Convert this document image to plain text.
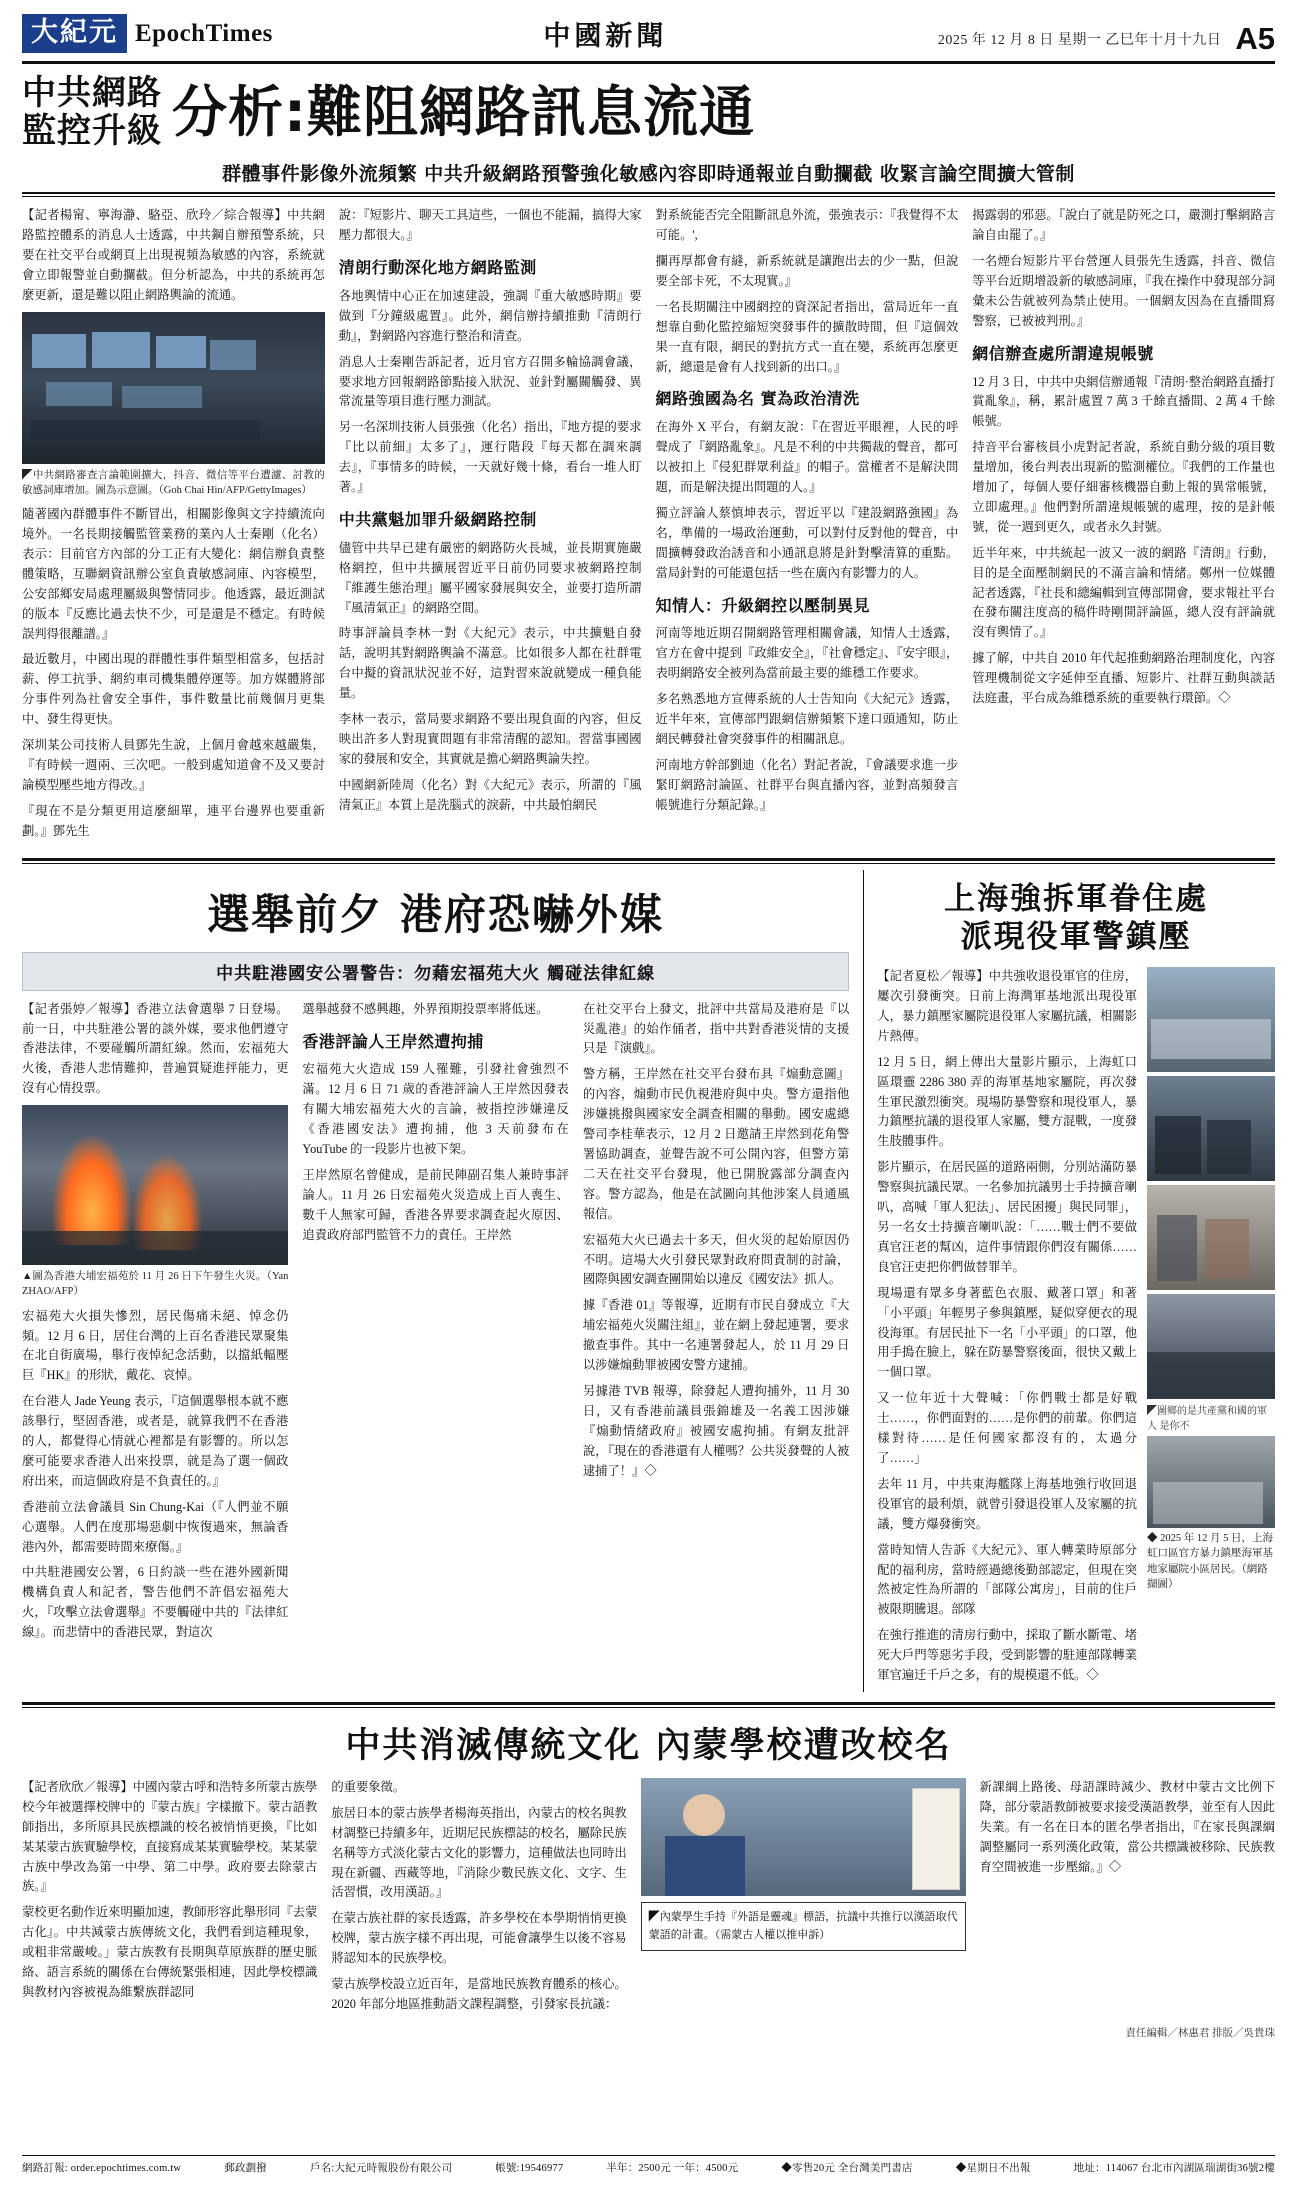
大紀元 EpochTimes	中國新聞	2025 年 12 月 8 日 星期一 乙巳年十月十九日 A5
中共網路
監控升級 分析:難阻網路訊息流通
群體事件影像外流頻繁 中共升級網路預警強化敏感內容即時通報並自動攔截 收緊言論空間擴大管制

【記者楊甯、寧海瀞、駱亞、欣玲／綜合報導】中共網路監控體系的消息人士透露，中共鋼自辦預警系統，只要在社交平台或網頁上出現視頻為敏感的內容，系統就會立即報警並自動攔截。但分析認為，中共的系統再怎麼更新，還是難以阻止網路輿論的流通。

◤中共網路審查言論範圍擴大，抖音、微信等平台遭濾、討教的敏感詞庫增加。圖為示意圖。（Goh Chai Hin/AFP/GettyImages）

隨著國內群體事件不斷冒出，相關影像與文字持續流向境外。一名長期接觸監管業務的業內人士秦剛（化名）表示：目前官方內部的分工正有大變化：網信辦負責整體策略，互聯網資訊辦公室負責敏感詞庫、內容模型，公安部鄉安局處理屬級與警情同步。他透露，最近測試的版本『反應比過去快不少，可是還是不穩定。有時候誤判得很離譜。』

最近數月，中國出現的群體性事件類型相當多，包括討薪、停工抗爭、網約車司機集體停運等。加方媒體將部分事件列為社會安全事件，事件數量比前幾個月更集中、發生得更快。

深圳某公司技術人員鄧先生說，上個月會越來越嚴集，『有時候一週兩、三次吧。一般到處知道會不及又要討論模型壓些地方得改。』

『現在不是分類更用這麼細單，連平台邊界也要重新劃。』鄧先生

說：『短影片、聊天工具這些，一個也不能漏，搞得大家壓力都很大。』

清朗行動深化地方網路監測

各地輿情中心正在加速建設，強調『重大敏感時期』要做到『分鐘級處置』。此外，網信辦持續推動『清朗行動』，對網路內容進行整治和清查。

消息人士秦剛告訴記者，近月官方召開多輪協調會議，要求地方回報網路節點接入狀況、並針對屬關觸發、異常流量等項目進行壓力測試。

另一名深圳技術人員張強（化名）指出，『地方提的要求『比以前細』太多了』，運行階段『每天都在調來調去』，『事情多的時候，一天就好幾十條，看台一堆人盯著。』

中共黨魁加罪升級網路控制

儘管中共早已建有嚴密的網路防火長城，並長期實施嚴格網控，但中共擴展習近平日前仍同要求被網路控制『維護生態治理』屬平國家發展與安全，並要打造所謂『風清氣正』的網路空間。

時事評論員李林一對《大紀元》表示，中共擴魁自發話，說明其對網路輿論不滿意。比如很多人都在社群電台中擬的資訊狀況並不好，這對習來說就變成一種負能量。

李林一表示，當局要求網路不要出現負面的內容，但反映出許多人對現實問題有非常清醒的認知。習當事國國家的發展和安全，其實就是擔心網路輿論失控。

中國網新陸周（化名）對《大紀元》表示，所謂的『風清氣正』本質上是洗腦式的淚薪，中共最怕網民

對系統能否完全阻斷訊息外流，張強表示：『我覺得不太可能。',

攔再厚都會有縫，新系統就是讓跑出去的少一點，但說要全部卡死，不太現實。』

一名長期關注中國網控的資深記者指出，當局近年一直想靠自動化監控縮短突發事件的擴散時間，但『這個效果一直有限，網民的對抗方式一直在變，系統再怎麼更新，總還是會有人找到新的出口。』

網路強國為名 實為政治清洗

在海外 X 平台，有網友說：『在習近平眼裡，人民的呼聲成了『網路亂象』。凡是不利的中共獨裁的聲音，都可以被扣上『侵犯群眾利益』的帽子。當權者不是解決問題，而是解決提出問題的人。』

獨立評論人蔡慎坤表示，習近平以『建設網路強國』為名，準備的一場政治運動，可以對付反對他的聲音，中間擴轉發政治誘音和小通訊息將是針對擊清算的重點。當局針對的可能還包括一些在廣內有影響力的人。

知情人：升級網控以壓制異見

河南等地近期召開網路管理相關會議，知情人士透露，官方在會中提到『政維安全』，『社會穩定』、『安宇眼』，表明網路安全被列為當前最主要的維穩工作要求。

多名熟悉地方宣傳系統的人士告知向《大紀元》透露，近半年來，宣傳部門跟網信辦頻繁下達口頭通知，防止網民轉發社會突發事件的相關訊息。

河南地方幹部劉迪（化名）對記者說，『會議要求進一步緊盯網路討論區、社群平台與直播內容，並對高頻發言帳號進行分類記錄。』

揭露弱的邪惡。『說白了就是防死之口，嚴測打擊網路言論自由罷了。』

一名煙台短影片平台營運人員張先生透露，抖音、微信等平台近期增設新的敏感詞庫，『我在操作中發現部分詞彙未公告就被列為禁止使用。一個網友因為在直播間寫警察，已被被判刑。』

網信辦查處所謂違規帳號

12 月 3 日，中共中央網信辦通報『清朗·整治網路直播打賞亂象』，稱，累計處置 7 萬 3 千餘直播間、2 萬 4 千餘帳號。

持音平台審核員小虎對記者說，系統自動分級的項目數量增加，後台判表出現新的監測權位。『我們的工作量也增加了，每個人要仔細審核機器自動上報的異常帳號，立即處理。』他們對所謂違規帳號的處理，按的是針帳號，從一週到更久，或者永久封號。

近半年來，中共統起一波又一波的網路『清朗』行動，目的是全面壓制網民的不滿言論和情緒。鄭州一位媒體記者透露，『社長和總編輯到宣傳部開會，要求報社平台在發布關注度高的稿件時剛開評論區，總人沒有評論就沒有輿情了。』

據了解，中共自 2010 年代起推動網路治理制度化，內容管理機制從文字延伸至直播、短影片、社群互動與談話法庭畫，平台成為維穩系統的重要執行環節。◇

選舉前夕 港府恐嚇外媒
中共駐港國安公署警告：勿藉宏福苑大火 觸碰法律紅線

【記者張婷／報導】香港立法會選舉 7 日登場。前一日，中共駐港公署的談外媒，要求他們遵守香港法律，不要碰觸所謂紅線。然而，宏福苑大火後，香港人悲情難抑，普遍質疑進抨能力，更沒有心情投票。

▲圖為香港大埔宏福苑於 11 月 26 日下午發生火災。（Yan ZHAO/AFP）

宏福苑大火損失慘烈，居民傷痛未絕、悼念仍頻。12 月 6 日，居住台灣的上百名香港民眾聚集在北自街廣場，舉行夜悼紀念活動，以擋紙輻壓巨『HK』的形狀，戴花、哀悼。

在台港人 Jade Yeung 表示，『這個選舉根本就不應該舉行，堅固香港，或者是，就算我們不在香港的人，都覺得心情就心裡都是有影響的。所以怎麼可能要求香港人出來投票，就是為了選一個政府出來，而這個政府是不負責任的。』

香港前立法會議員 Sin Chung-Kai（『人們並不願心選舉。人們在度那場惡劇中恢復過來，無論香港內外，都需要時間來療傷。』

中共駐港國安公署，6 日約談一些在港外國新聞機構負責人和記者，警告他們不許倡宏福苑大火，『攻擊立法會選舉』不要觸碰中共的『法律紅線』。而悲情中的香港民眾，對這次

選舉越發不感興趣，外界預期投票率將低迷。

香港評論人王岸然遭拘捕

宏福苑大火造成 159 人罹難，引發社會強烈不滿。12 月 6 日 71 歲的香港評論人王岸然因發表有關大埔宏福苑大火的言論，被指控涉嫌違反《香港國安法》遭拘捕，他 3 天前發布在 YouTube 的一段影片也被下架。

王岸然原名曾健成，是前民陣副召集人兼時事評論人。11 月 26 日宏福苑火災造成上百人喪生、數千人無家可歸，香港各界要求調查起火原因、追責政府部門監管不力的責任。王岸然

在社交平台上發文，批評中共當局及港府是『以災亂港』的始作俑者，指中共對香港災情的支援只是『演戲』。

警方稱，王岸然在社交平台發布具『煽動意圖』的內容，煽動市民仇視港府與中央。警方還指他涉嫌挑撥與國家安全調查相關的舉動。國安處總警司李桂華表示，12 月 2 日邀請王岸然到花角警署協助調查，並聲告說不可公開內容，但警方第二天在社交平台發現，他已開脫露部分調查內容。警方認為，他是在試圖向其他涉案人員通風報信。

宏福苑大火已過去十多天，但火災的起始原因仍不明。這場大火引發民眾對政府問責制的討論，國際與國安調查團開始以違反《國安法》抓人。

據『香港 01』等報導，近期有市民自發成立『大埔宏福苑火災關注組』，並在網上發起連署，要求撤查事件。其中一名連署發起人，於 11 月 29 日以涉嫌煽動罪被國安警方逮捕。

另據港 TVB 報導，除發起人遭拘捕外，11 月 30 日，又有香港前議員張錦雄及一名義工因涉嫌『煽動情緒政府』被國安處拘捕。有網友批評說，『現在的香港還有人權嗎？公共災發聲的人被逮捕了！』◇

上海強拆軍眷住處
派現役軍警鎮壓

【記者夏松／報導】中共強收退役軍官的住房，屢次引發衝突。日前上海灣軍基地派出現役軍人，暴力鎮壓家屬院退役軍人家屬抗議，相關影片熱傳。

12 月 5 日，網上傳出大量影片顯示，上海虹口區環靈 2286 380 弄的海軍基地家屬院，再次發生軍民激烈衝突。現場防暴警察和現役軍人，暴力鎮壓抗議的退役軍人家屬，雙方混戰，一度發生肢體事件。

影片顯示，在居民區的道路兩側，分別站滿防暴警察與抗議民眾。一名參加抗議男士手持擴音喇叭，高喊「軍人犯法」、居民困擾」與民同罪」，另一名女士持擴音喇叭說：「……戰士們不要做真官汪老的幫凶，這件事情跟你們沒有關係……良官汪吏把你們做替罪羊。

現場還有眾多身著藍色衣服、戴著口罩」和著「小平頭」年輕男子參與鎮壓，疑似穿便衣的現役海軍。有居民扯下一名「小平頭」的口罩，他用手搗在臉上，躲在防暴警察後面，很快又戴上一個口罩。

又一位年近十大聲喊：「你們戰士都是好戰士……，你們面對的……是你們的前輩。你們這樣對待……是任何國家都沒有的，太過分了……」

去年 11 月，中共東海艦隊上海基地強行收回退役軍官的最利煩，就曾引發退役軍人及家屬的抗議，雙方爆發衝突。

當時知情人告訴《大紀元》、軍人轉業時原部分配的福利房，當時經過總後勤部認定，但現在突然被定性為所謂的「部隊公寓房」，目前的住戶被限期騰退。部隊

在強行推進的清房行動中，採取了斷水斷電、堵死大戶門等惡劣手段，受到影響的駐連部隊轉業軍官遍迁千戶之多，有的規模還不低。◇

◤圖鄉的是共產黨和國的軍人 是你不
◆ 2025 年 12 月 5 日，上海虹口區官方暴力鎮壓海軍基地家屬院小區居民。（網路擷圖）
中共消滅傳統文化 內蒙學校遭改校名

【記者欣欣／報導】中國內蒙古呼和浩特多所蒙古族學校今年被選擇校牌中的『蒙古族』字樣撤下。蒙古語教師指出，多所原具民族標識的校名被悄悄更換，『比如某某蒙古族實驗學校，直接寫成某某實驗學校。某某蒙古族中學改為第一中學、第二中學。政府要去除蒙古族。』

蒙校更名動作近來明顯加速，教師形容此舉形同『去蒙古化』。中共減蒙古族傳統文化，我們看到這種現象，或粗非常嚴峻。」蒙古族教有長期與草原族群的歷史脈絡、語言系統的關係在台傳統緊張相連，因此學校標識與教材內容被視為維繫族群認同

的重要象徵。

旅居日本的蒙古族學者楊海英指出，內蒙古的校名與教材調整已持續多年，近期尼民族標誌的校名，屬除民族名稱等方式淡化蒙古文化的影響力，這種做法也同時出現在新疆、西藏等地，『消除少數民族文化、文字、生活習慣，改用漢語。』

在蒙古族社群的家長透露，許多學校在本學期悄悄更換校牌，蒙古族字樣不再出現，可能會讓學生以後不容易將認知本的民族學校。

蒙古族學校設立近百年，是當地民族教育體系的核心。2020 年部分地區推動語文課程調整，引發家長抗議：

◤內蒙學生手持『外語是靈魂』標語，抗議中共推行以漢語取代蒙語的計畫。（需蒙古人權以推申訴）

新課綱上路後、母語課時減少、教材中蒙古文比例下降，部分蒙語教師被要求接受漢語教學，並至有人因此失業。有一名在日本的匿名學者指出，『在家長與課綱調整屬同一系列漢化政策，當公共標識被移除、民族教育空間被進一步壓縮。』◇

責任編輯／林惠君 排版／吳貴珠
網路訂報: order.epochtimes.com.tw	郵政劃撥	戶名:大紀元時報股份有限公司	帳號:19546977	半年：2500元 一年：4500元	◆零售20元 全台灣美門書店	◆星期日不出報	地址：114067 台北市內湖區瑞湖街36號2樓
